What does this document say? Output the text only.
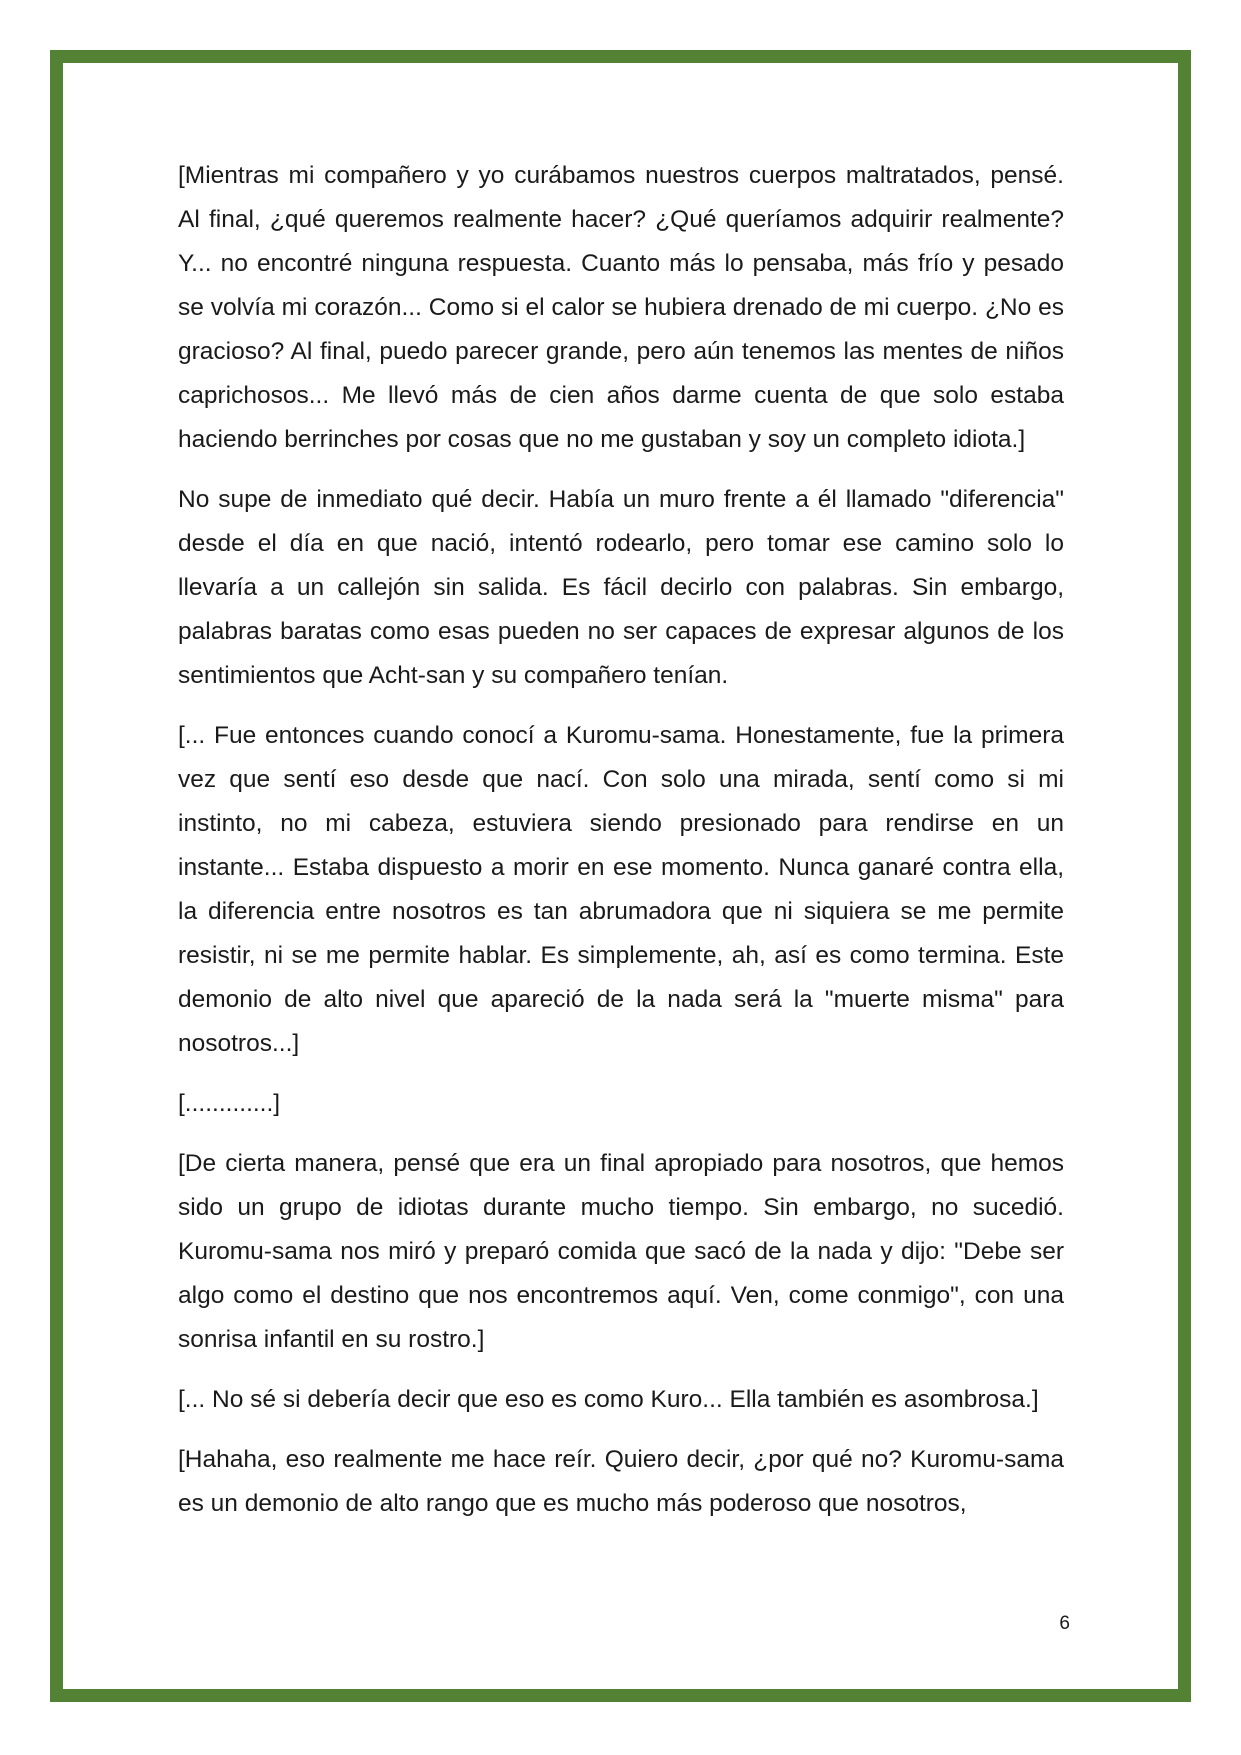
[Mientras mi compañero y yo curábamos nuestros cuerpos maltratados, pensé. Al final, ¿qué queremos realmente hacer? ¿Qué queríamos adquirir realmente? Y... no encontré ninguna respuesta. Cuanto más lo pensaba, más frío y pesado se volvía mi corazón... Como si el calor se hubiera drenado de mi cuerpo. ¿No es gracioso? Al final, puedo parecer grande, pero aún tenemos las mentes de niños caprichosos... Me llevó más de cien años darme cuenta de que solo estaba haciendo berrinches por cosas que no me gustaban y soy un completo idiota.]

No supe de inmediato qué decir. Había un muro frente a él llamado "diferencia" desde el día en que nació, intentó rodearlo, pero tomar ese camino solo lo llevaría a un callejón sin salida. Es fácil decirlo con palabras. Sin embargo, palabras baratas como esas pueden no ser capaces de expresar algunos de los sentimientos que Acht-san y su compañero tenían.

[... Fue entonces cuando conocí a Kuromu-sama. Honestamente, fue la primera vez que sentí eso desde que nací. Con solo una mirada, sentí como si mi instinto, no mi cabeza, estuviera siendo presionado para rendirse en un instante... Estaba dispuesto a morir en ese momento. Nunca ganaré contra ella, la diferencia entre nosotros es tan abrumadora que ni siquiera se me permite resistir, ni se me permite hablar. Es simplemente, ah, así es como termina. Este demonio de alto nivel que apareció de la nada será la "muerte misma" para nosotros...]

[.............]

[De cierta manera, pensé que era un final apropiado para nosotros, que hemos sido un grupo de idiotas durante mucho tiempo. Sin embargo, no sucedió. Kuromu-sama nos miró y preparó comida que sacó de la nada y dijo: "Debe ser algo como el destino que nos encontremos aquí. Ven, come conmigo", con una sonrisa infantil en su rostro.]

[... No sé si debería decir que eso es como Kuro... Ella también es asombrosa.]

[Hahaha, eso realmente me hace reír. Quiero decir, ¿por qué no? Kuromu-sama es un demonio de alto rango que es mucho más poderoso que nosotros,

6
